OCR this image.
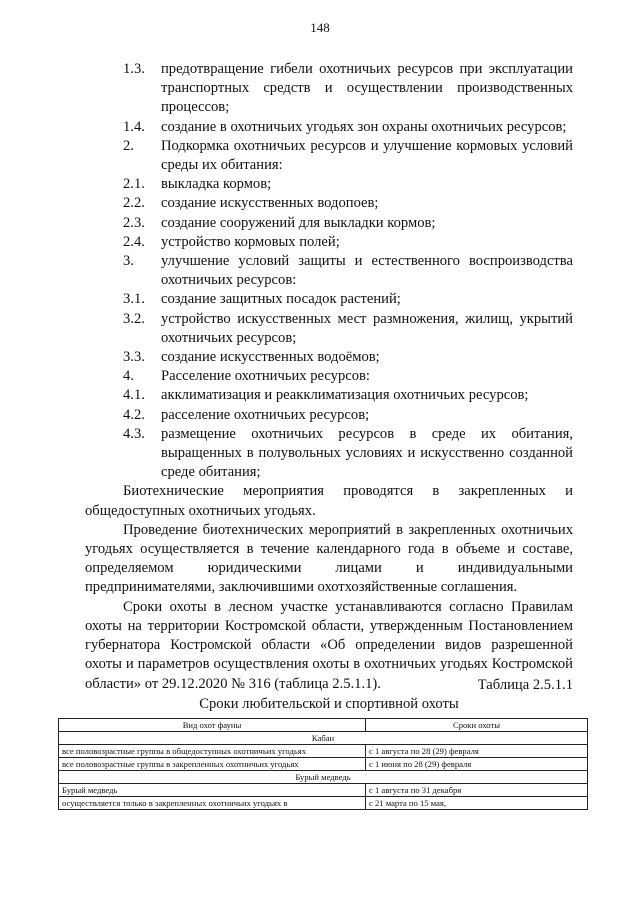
148

1.3.	предотвращение гибели охотничьих ресурсов при эксплуатации транспортных средств и осуществлении производственных процессов;

1.4.	создание в охотничьих угодьях зон охраны охотничьих ресурсов;

2.	Подкормка охотничьих ресурсов и улучшение кормовых условий среды их обитания:

2.1.	выкладка кормов;

2.2.	создание искусственных водопоев;

2.3.	создание сооружений для выкладки кормов;

2.4.	устройство кормовых полей;

3.	улучшение условий защиты и естественного воспроизводства охотничьих ресурсов:

3.1.	создание защитных посадок растений;

3.2.	устройство искусственных мест размножения, жилищ, укрытий охотничьих ресурсов;

3.3.	создание искусственных водоёмов;

4.	Расселение охотничьих ресурсов:

4.1.	акклиматизация и реакклиматизация охотничьих ресурсов;

4.2.	расселение охотничьих ресурсов;

4.3.	размещение охотничьих ресурсов в среде их обитания, выращенных в полувольных условиях и искусственно созданной среде обитания;

Биотехнические мероприятия проводятся в закрепленных и общедоступных охотничьих угодьях.

Проведение биотехнических мероприятий в закрепленных охотничьих угодьях осуществляется в течение календарного года в объеме и составе, определяемом юридическими лицами и индивидуальными предпринимателями, заключившими охотхозяйственные соглашения.

Сроки охоты в лесном участке устанавливаются согласно Правилам охоты на территории Костромской области, утвержденным Постановлением губернатора Костромской области «Об определении видов разрешенной охоты и параметров осуществления охоты в охотничьих угодьях Костромской области» от 29.12.2020 № 316 (таблица 2.5.1.1).	Таблица 2.5.1.1
Сроки любительской и спортивной охоты
Вид охот фауны	Сроки охоты
Кабан	
все половозрастные группы в общедоступных охотничьих угодьях	с 1 августа по 28 (29) февраля
все половозрастные группы в закрепленных охотничьих угодьях	с 1 июня по 28 (29) февраля
Бурый медведь	
Бурый медведь	с 1 августа по 31 декабря
осуществляется только в закрепленных охотничьих угодьях в	с 21 марта по 15 мая,
